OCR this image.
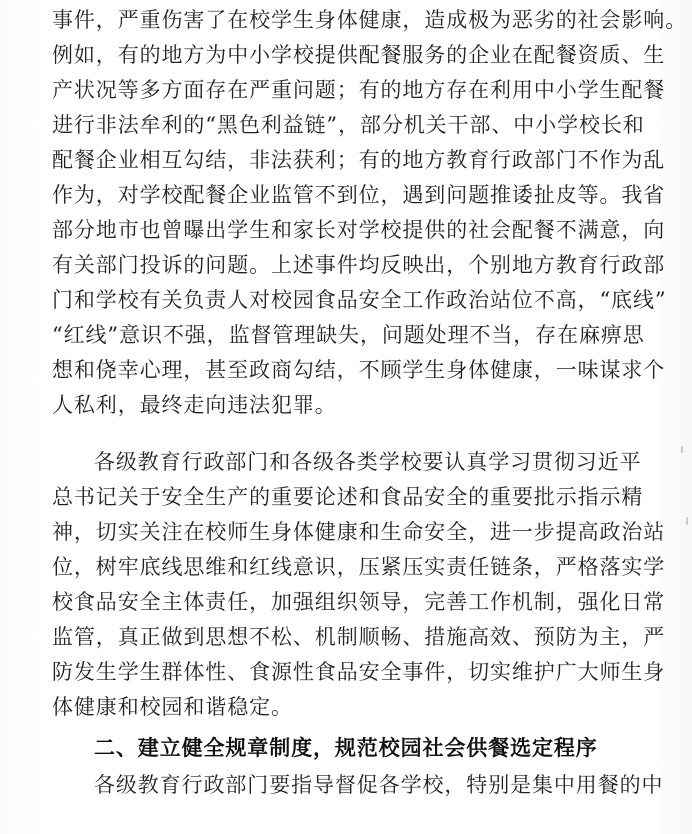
事件，严重伤害了在校学生身体健康，造成极为恶劣的社会影响。
例如，有的地方为中小学校提供配餐服务的企业在配餐资质、生
产状况等多方面存在严重问题；有的地方存在利用中小学生配餐
进行非法牟利的“黑色利益链”，部分机关干部、中小学校长和
配餐企业相互勾结，非法获利；有的地方教育行政部门不作为乱
作为，对学校配餐企业监管不到位，遇到问题推诿扯皮等。我省
部分地市也曾曝出学生和家长对学校提供的社会配餐不满意，向
有关部门投诉的问题。上述事件均反映出，个别地方教育行政部
门和学校有关负责人对校园食品安全工作政治站位不高，“底线”
“红线”意识不强，监督管理缺失，问题处理不当，存在麻痹思
想和侥幸心理，甚至政商勾结，不顾学生身体健康，一味谋求个
人私利，最终走向违法犯罪。
各级教育行政部门和各级各类学校要认真学习贯彻习近平
总书记关于安全生产的重要论述和食品安全的重要批示指示精
神，切实关注在校师生身体健康和生命安全，进一步提高政治站
位，树牢底线思维和红线意识，压紧压实责任链条，严格落实学
校食品安全主体责任，加强组织领导，完善工作机制，强化日常
监管，真正做到思想不松、机制顺畅、措施高效、预防为主，严
防发生学生群体性、食源性食品安全事件，切实维护广大师生身
体健康和校园和谐稳定。
二、建立健全规章制度，规范校园社会供餐选定程序
各级教育行政部门要指导督促各学校，特别是集中用餐的中
